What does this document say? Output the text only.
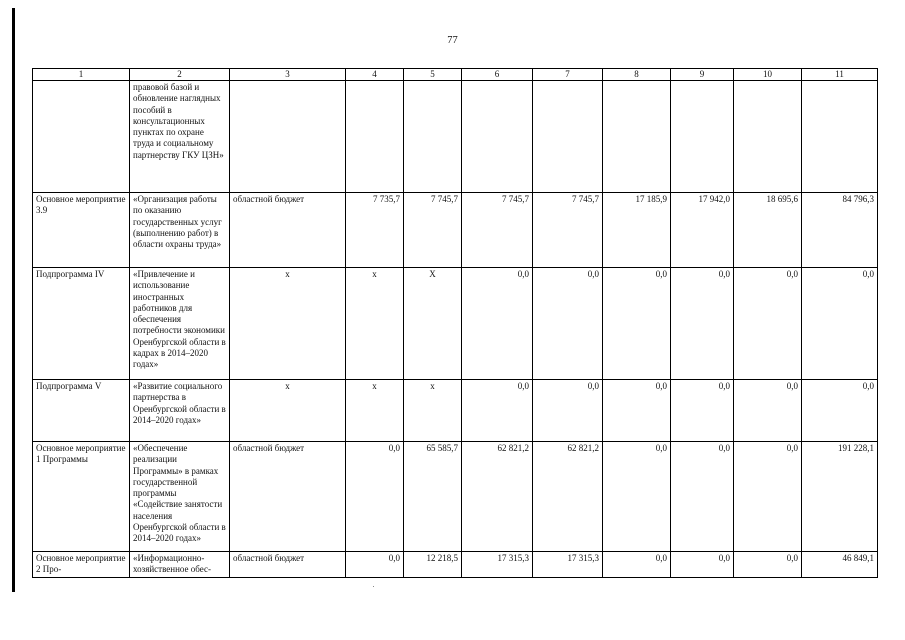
77
1	2	3	4	5	6	7	8	9	10	11
	правовой базой и обновление наглядных пособий в консультационных пунктах по охране труда и социальному партнерству ГКУ ЦЗН»									
Основное мероприятие 3.9	«Организация работы по оказанию государственных услуг (выполнению работ) в области охраны труда»	областной бюджет	7 735,7	7 745,7	7 745,7	7 745,7	17 185,9	17 942,0	18 695,6	84 796,3
Подпрограмма IV	«Привлечение и использование иностранных работников для обеспечения потребности экономики Оренбургской области в кадрах в 2014–2020 годах»	х	х	Х	0,0	0,0	0,0	0,0	0,0	0,0
Подпрограмма V	«Развитие социального партнерства в Оренбургской области в 2014–2020 годах»	х	х	х	0,0	0,0	0,0	0,0	0,0	0,0
Основное мероприятие 1 Программы	«Обеспечение реализации Программы» в рамках государственной программы «Содействие занятости населения Оренбургской области в 2014–2020 годах»	областной бюджет	0,0	65 585,7	62 821,2	62 821,2	0,0	0,0	0,0	191 228,1
Основное мероприятие 2 Про-	«Информационно-хозяйственное обес-	областной бюджет	0,0	12 218,5	17 315,3	17 315,3	0,0	0,0	0,0	46 849,1
